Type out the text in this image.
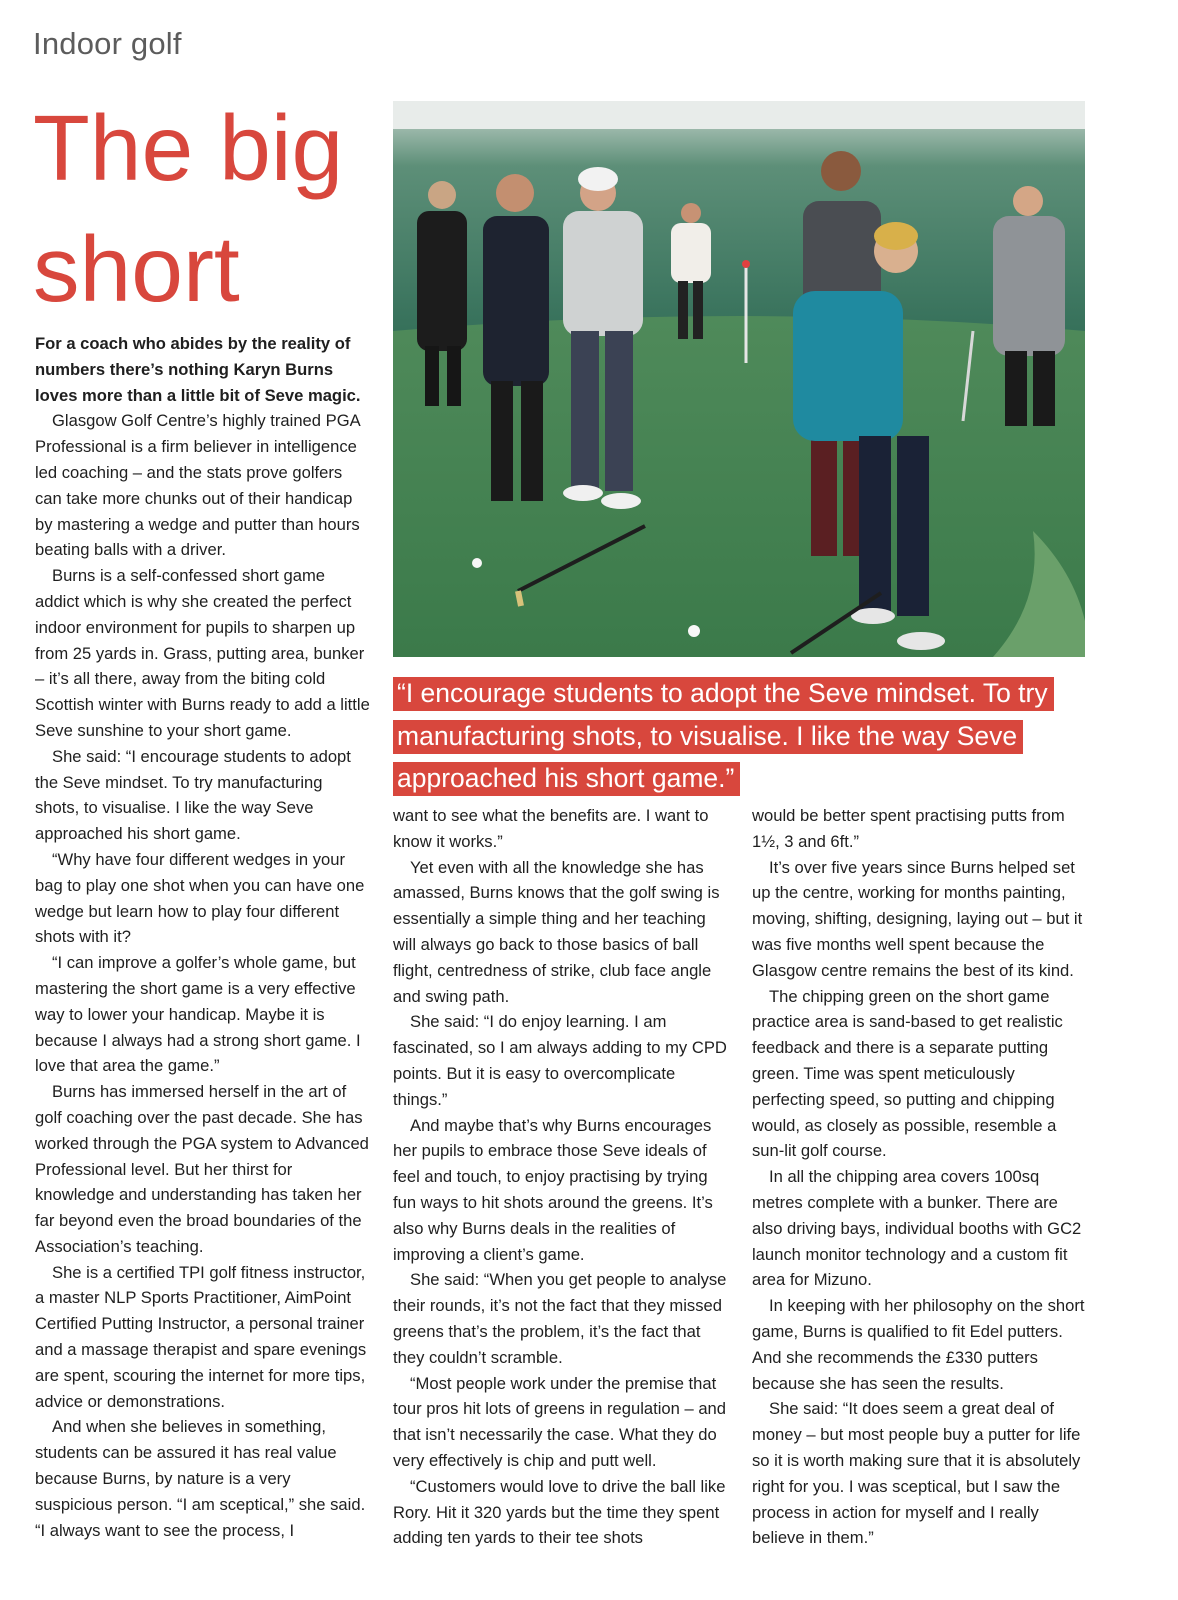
Indoor golf
The big
short

For a coach who abides by the reality of numbers there’s nothing Karyn Burns loves more than a little bit of Seve magic.

Glasgow Golf Centre’s highly trained PGA Professional is a firm believer in intelligence led coaching – and the stats prove golfers can take more chunks out of their handicap by mastering a wedge and putter than hours beating balls with a driver.

Burns is a self-confessed short game addict which is why she created the perfect indoor environment for pupils to sharpen up from 25 yards in. Grass, putting area, bunker – it’s all there, away from the biting cold Scottish winter with Burns ready to add a little Seve sunshine to your short game.

She said: “I encourage students to adopt the Seve mindset. To try manufacturing shots, to visualise. I like the way Seve approached his short game.

“Why have four different wedges in your bag to play one shot when you can have one wedge but learn how to play four different shots with it?

“I can improve a golfer’s whole game, but mastering the short game is a very effective way to lower your handicap. Maybe it is because I always had a strong short game. I love that area the game.”

Burns has immersed herself in the art of golf coaching over the past decade. She has worked through the PGA system to Advanced Professional level. But her thirst for knowledge and understanding has taken her far beyond even the broad boundaries of the Association’s teaching.

She is a certified TPI golf fitness instructor, a master NLP Sports Practitioner, AimPoint Certified Putting Instructor, a personal trainer and a massage therapist and spare evenings are spent, scouring the internet for more tips, advice or demonstrations.

And when she believes in something, students can be assured it has real value because Burns, by nature is a very suspicious person. “I am sceptical,” she said. “I always want to see the process, I

“I encourage students to adopt the Seve mindset. To try manufacturing shots, to visualise. I like the way Seve approached his short game.”

want to see what the benefits are. I want to know it works.”

Yet even with all the knowledge she has amassed, Burns knows that the golf swing is essentially a simple thing and her teaching will always go back to those basics of ball flight, centredness of strike, club face angle and swing path.

She said: “I do enjoy learning. I am fascinated, so I am always adding to my CPD points. But it is easy to overcomplicate things.”

And maybe that’s why Burns encourages her pupils to embrace those Seve ideals of feel and touch, to enjoy practising by trying fun ways to hit shots around the greens. It’s also why Burns deals in the realities of improving a client’s game.

She said: “When you get people to analyse their rounds, it’s not the fact that they missed greens that’s the problem, it’s the fact that they couldn’t scramble.

“Most people work under the premise that tour pros hit lots of greens in regulation – and that isn’t necessarily the case. What they do very effectively is chip and putt well.

“Customers would love to drive the ball like Rory. Hit it 320 yards but the time they spent adding ten yards to their tee shots

would be better spent practising putts from 1½, 3 and 6ft.”

It’s over five years since Burns helped set up the centre, working for months painting, moving, shifting, designing, laying out – but it was five months well spent because the Glasgow centre remains the best of its kind.

The chipping green on the short game practice area is sand-based to get realistic feedback and there is a separate putting green. Time was spent meticulously perfecting speed, so putting and chipping would, as closely as possible, resemble a sun-lit golf course.

In all the chipping area covers 100sq metres complete with a bunker. There are also driving bays, individual booths with GC2 launch monitor technology and a custom fit area for Mizuno.

In keeping with her philosophy on the short game, Burns is qualified to fit Edel putters. And she recommends the £330 putters because she has seen the results.

She said: “It does seem a great deal of money – but most people buy a putter for life so it is worth making sure that it is absolutely right for you. I was sceptical, but I saw the process in action for myself and I really believe in them.”
